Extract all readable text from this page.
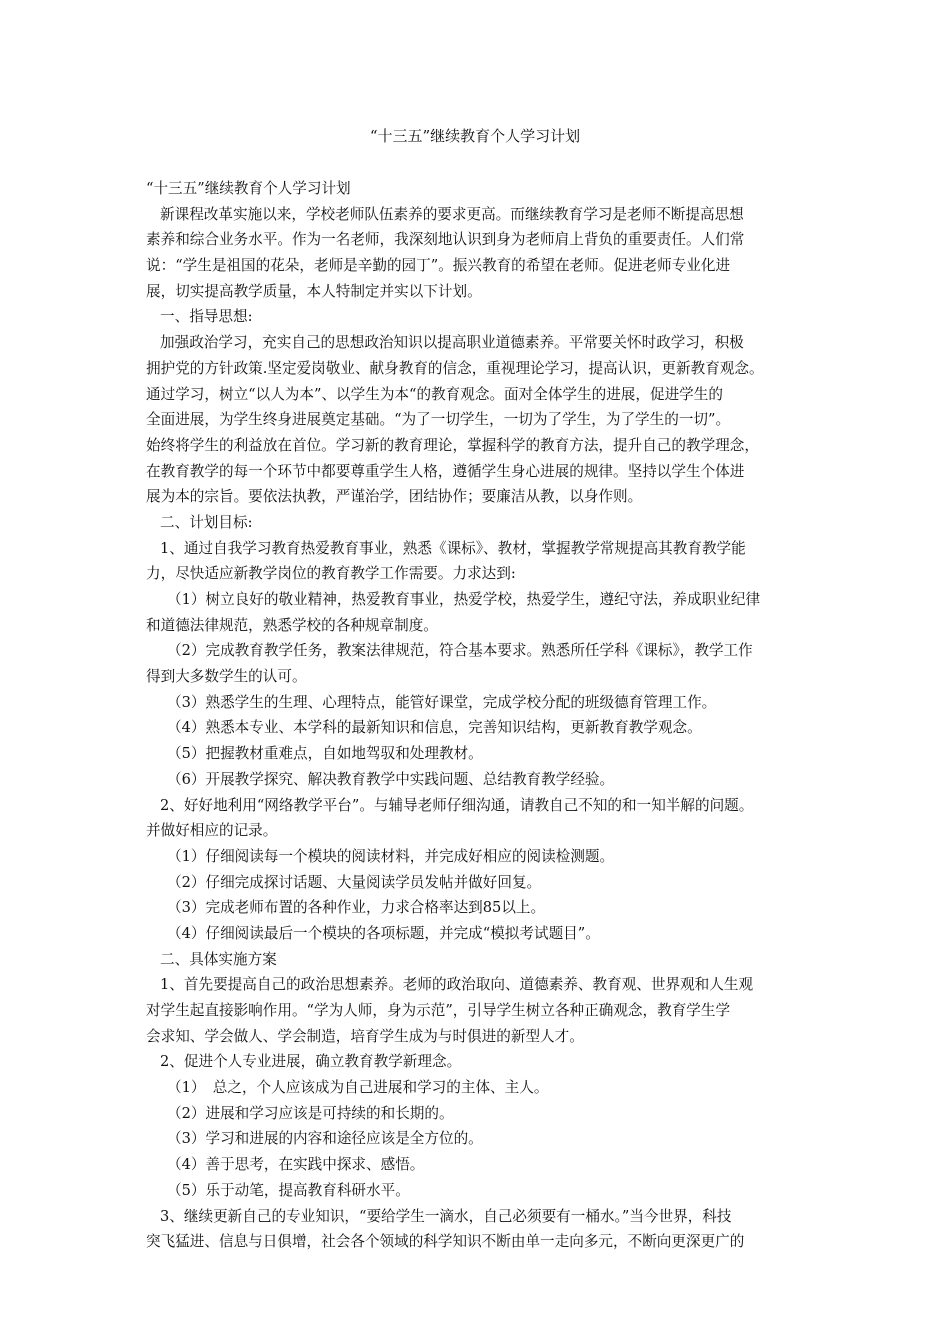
“十三五”继续教育个人学习计划
“十三五”继续教育个人学习计划
新课程改革实施以来，学校老师队伍素养的要求更高。而继续教育学习是老师不断提高思想
素养和综合业务水平。作为一名老师，我深刻地认识到身为老师肩上背负的重要责任。人们常
说：“学生是祖国的花朵，老师是辛勤的园丁”。振兴教育的希望在老师。促进老师专业化进
展，切实提高教学质量，本人特制定并实以下计划。
一、指导思想:
加强政治学习，充实自己的思想政治知识以提高职业道德素养。平常要关怀时政学习，积极
拥护党的方针政策.坚定爱岗敬业、献身教育的信念，重视理论学习，提高认识，更新教育观念。
通过学习，树立“以人为本”、以学生为本“的教育观念。面对全体学生的进展，促进学生的
全面进展，为学生终身进展奠定基础。“为了一切学生，一切为了学生，为了学生的一切”。
始终将学生的利益放在首位。学习新的教育理论，掌握科学的教育方法，提升自己的教学理念，
在教育教学的每一个环节中都要尊重学生人格，遵循学生身心进展的规律。坚持以学生个体进
展为本的宗旨。要依法执教，严谨治学，团结协作；要廉洁从教，以身作则。
二、计划目标:
1、通过自我学习教育热爱教育事业，熟悉《课标》、教材，掌握教学常规提高其教育教学能
力，尽快适应新教学岗位的教育教学工作需要。力求达到:
（1）树立良好的敬业精神，热爱教育事业，热爱学校，热爱学生，遵纪守法，养成职业纪律
和道德法律规范，熟悉学校的各种规章制度。
（2）完成教育教学任务，教案法律规范，符合基本要求。熟悉所任学科《课标》，教学工作
得到大多数学生的认可。
（3）熟悉学生的生理、心理特点，能管好课堂，完成学校分配的班级德育管理工作。
（4）熟悉本专业、本学科的最新知识和信息，完善知识结构，更新教育教学观念。
（5）把握教材重难点，自如地驾驭和处理教材。
（6）开展教学探究、解决教育教学中实践问题、总结教育教学经验。
2、好好地利用“网络教学平台”。与辅导老师仔细沟通，请教自己不知的和一知半解的问题。
并做好相应的记录。
（1）仔细阅读每一个模块的阅读材料，并完成好相应的阅读检测题。
（2）仔细完成探讨话题、大量阅读学员发帖并做好回复。
（3）完成老师布置的各种作业，力求合格率达到85以上。
（4）仔细阅读最后一个模块的各项标题，并完成“模拟考试题目”。
二、具体实施方案
1、首先要提高自己的政治思想素养。老师的政治取向、道德素养、教育观、世界观和人生观
对学生起直接影响作用。“学为人师，身为示范”，引导学生树立各种正确观念，教育学生学
会求知、学会做人、学会制造，培育学生成为与时俱进的新型人才。
2、促进个人专业进展，确立教育教学新理念。
（1）　总之，个人应该成为自己进展和学习的主体、主人。
（2）进展和学习应该是可持续的和长期的。
（3）学习和进展的内容和途径应该是全方位的。
（4）善于思考，在实践中探求、感悟。
（5）乐于动笔，提高教育科研水平。
3、继续更新自己的专业知识，“要给学生一滴水，自己必须要有一桶水。”当今世界，科技
突飞猛进、信息与日俱增，社会各个领域的科学知识不断由单一走向多元，不断向更深更广的
